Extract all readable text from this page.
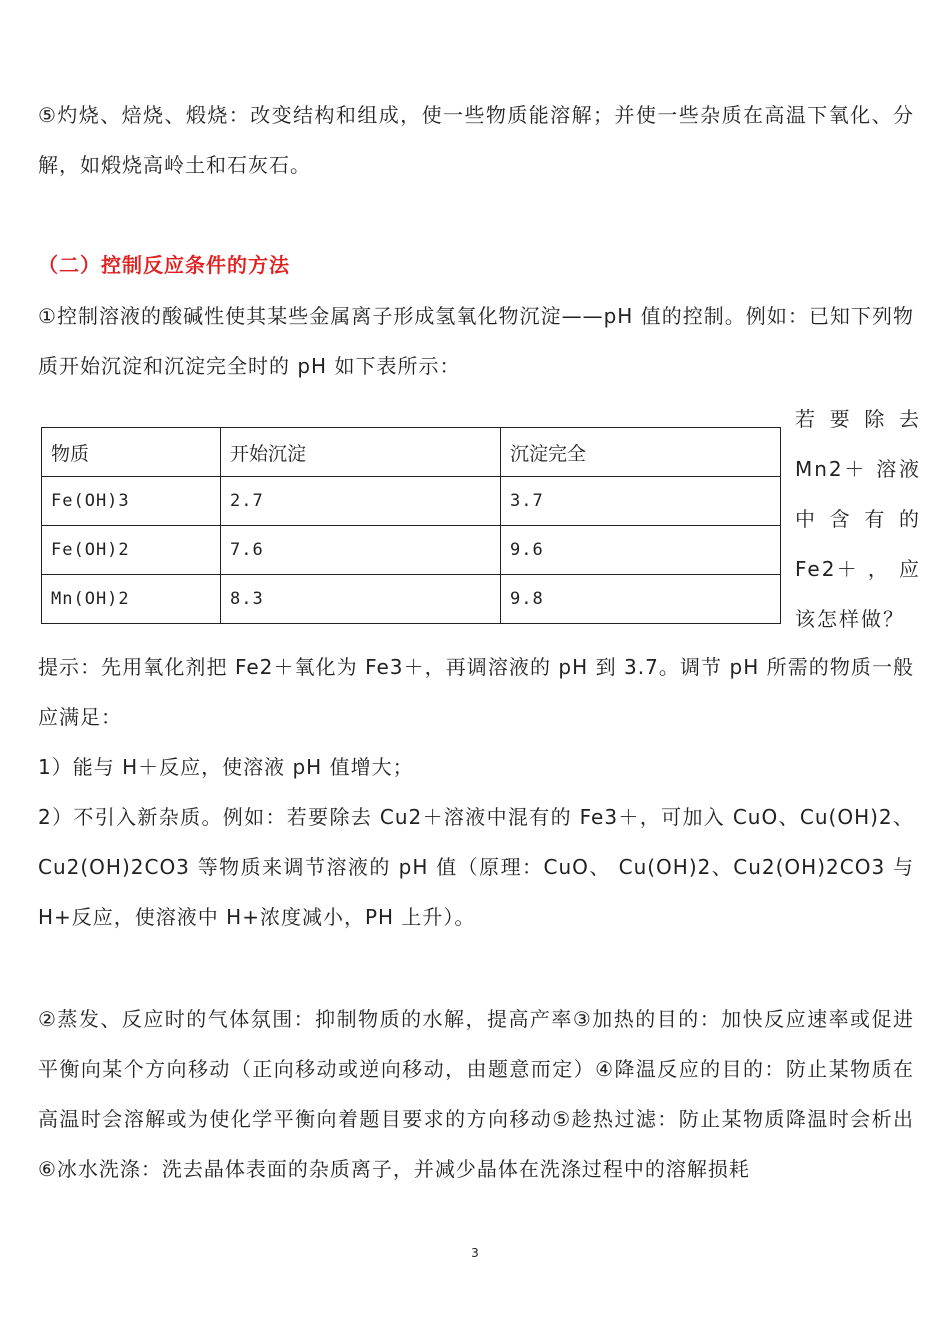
⑤灼烧、焙烧、煅烧：改变结构和组成，使一些物质能溶解；并使一些杂质在高温下氧化、分解，如煅烧高岭土和石灰石。
（二）控制反应条件的方法
①控制溶液的酸碱性使其某些金属离子形成氢氧化物沉淀——pH 值的控制。例如：已知下列物质开始沉淀和沉淀完全时的 pH 如下表所示：
物质	开始沉淀	沉淀完全
Fe(OH)3	2.7	3.7
Fe(OH)2	7.6	9.6
Mn(OH)2	8.3	9.8
若要除去
Mn2＋ 溶液
中含有的
Fe2＋ ， 应
该怎样做？
提示：先用氧化剂把 Fe2＋氧化为 Fe3＋，再调溶液的 pH 到 3.7。调节 pH 所需的物质一般应满足：
1）能与 H＋反应，使溶液 pH 值增大；
2）不引入新杂质。例如：若要除去 Cu2＋溶液中混有的 Fe3＋，可加入 CuO、Cu(OH)2、 Cu2(OH)2CO3 等物质来调节溶液的 pH 值（原理：CuO、 Cu(OH)2、Cu2(OH)2CO3 与 H+反应，使溶液中 H+浓度减小，PH 上升）。
②蒸发、反应时的气体氛围：抑制物质的水解，提高产率③加热的目的：加快反应速率或促进平衡向某个方向移动（正向移动或逆向移动，由题意而定）④降温反应的目的：防止某物质在高温时会溶解或为使化学平衡向着题目要求的方向移动⑤趁热过滤：防止某物质降温时会析出⑥冰水洗涤：洗去晶体表面的杂质离子，并减少晶体在洗涤过程中的溶解损耗
3
